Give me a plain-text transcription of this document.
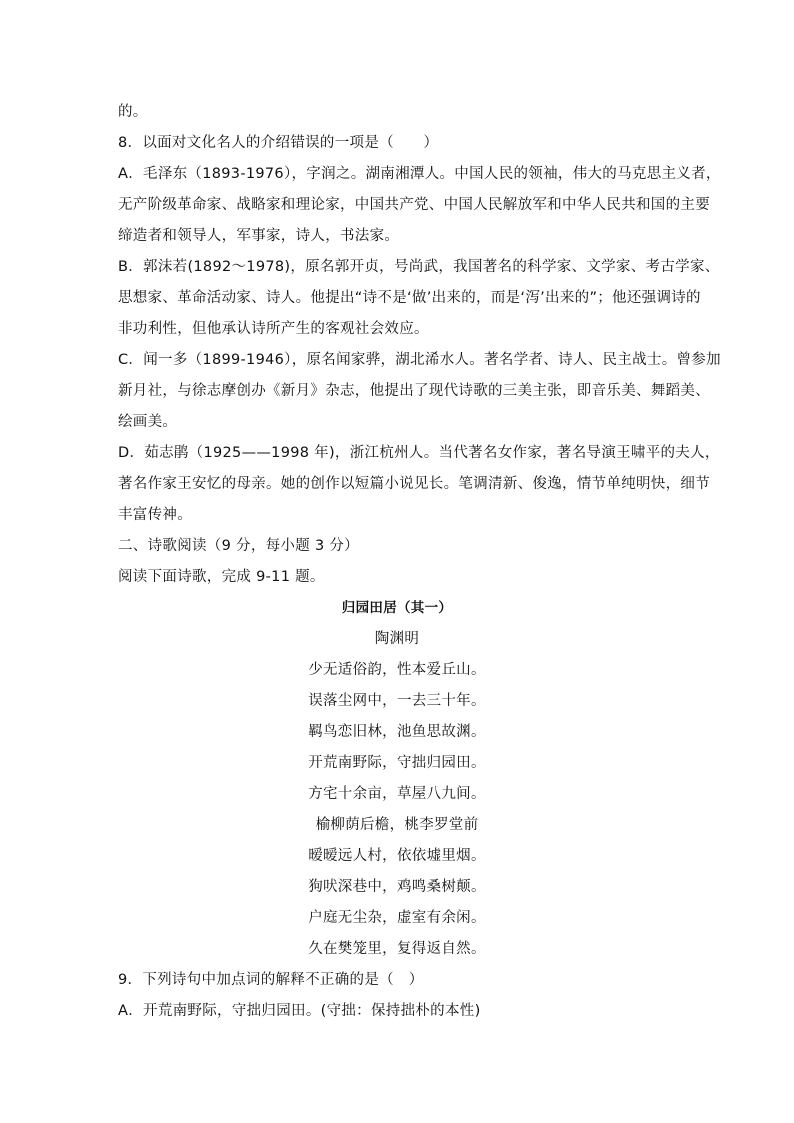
的。
8．以面对文化名人的介绍错误的一项是（　　）
A．毛泽东（1893-1976），字润之。湖南湘潭人。中国人民的领袖，伟大的马克思主义者，
无产阶级革命家、战略家和理论家，中国共产党、中国人民解放军和中华人民共和国的主要
缔造者和领导人，军事家，诗人，书法家。
B．郭沫若(1892～1978)，原名郭开贞，号尚武，我国著名的科学家、文学家、考古学家、
思想家、革命活动家、诗人。他提出“诗不是‘做’出来的，而是‘泻’出来的”；他还强调诗的
非功利性，但他承认诗所产生的客观社会效应。
C．闻一多（1899-1946），原名闻家骅，湖北浠水人。著名学者、诗人、民主战士。曾参加
新月社，与徐志摩创办《新月》杂志，他提出了现代诗歌的三美主张，即音乐美、舞蹈美、
绘画美。
D．茹志鹃（1925——1998 年)，浙江杭州人。当代著名女作家，著名导演王啸平的夫人，
著名作家王安忆的母亲。她的创作以短篇小说见长。笔调清新、俊逸，情节单纯明快，细节
丰富传神。
二、诗歌阅读（9 分，每小题 3 分）
阅读下面诗歌，完成 9-11 题。
归园田居（其一）
陶渊明
少无适俗韵，性本爱丘山。
误落尘网中，一去三十年。
羁鸟恋旧林，池鱼思故渊。
开荒南野际，守拙归园田。
方宅十余亩，草屋八九间。
榆柳荫后檐，桃李罗堂前
暧暧远人村，依依墟里烟。
狗吠深巷中，鸡鸣桑树颠。
户庭无尘杂，虚室有余闲。
久在樊笼里，复得返自然。
9．下列诗句中加点词的解释不正确的是（　）
A．开荒南野际，守拙归园田。(守拙：保持拙朴的本性)
